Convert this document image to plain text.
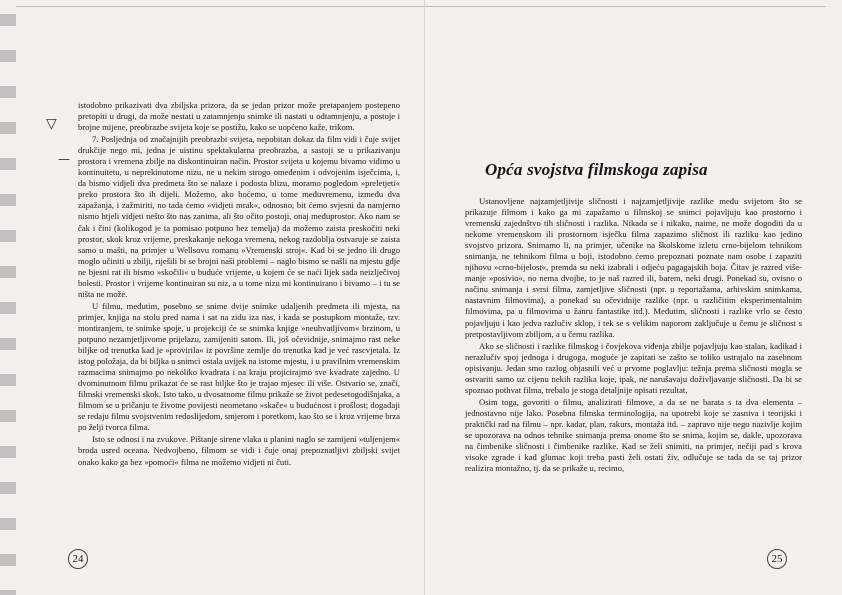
▽
—

istodobno prikazivati dva zbiljska prizora, da se jedan prizor može pretapanjem postepeno pretopiti u drugi, da može nestati u zatamnjenju snimke ili nastati u odtamnjenju, a postoje i brojne mijene, preobrazbe svijeta koje se postižu, kako se uopćeno kaže, trikom.

7. Posljednja od značajnijih preobrazbi svijeta, nepobitan dokaz da film vidi i čuje svijet drukčije nego mi, jedna je uistinu spektakularna preobrazba, a sastoji se u prikazivanju prostora i vremena zbilje na diskontinuiran način. Prostor svijeta u kojemu bivamo vidimo u kontinuitetu, u neprekinutome nizu, ne u nekim strogo omeđenim i odvojenim isječcima, i, da bismo vidjeli dva predmeta što se nalaze i podosta blizu, moramo pogledom »preletjeti« preko prostora što ih dijeli. Možemo, ako hoćemo, u tome međuvremenu, između dva zapažanja, i zažmiriti, no tada ćemo »vidjeti mrak«, odnosno, bit ćemo svjesni da namjerno nismo htjeli vidjeti nešto što nas zanima, ali što očito postoji, onaj međuprostor. Ako nam se čak i čini (kolikogod je ta pomisao potpuno bez temelja) da možemo zaista preskočiti neki prostor, skok kroz vrijeme, preskakanje nekoga vremena, nekog razdoblja ostvaruje se zaista samo u mašti, na primjer u Wellsovu romanu »Vremenski stroj«. Kad bi se jedno ili drugo moglo učiniti u zbilji, riješili bi se brojni naši problemi – naglo bismo se našli na mjestu gdje ne bjesni rat ili bismo »skočili« u buduće vrijeme, u kojem će se naći lijek sada neizlječivoj bolesti. Prostor i vrijeme kontinuiran su niz, a u tome nizu mi kontinuirano i bivamo – i tu se ništa ne može.

U filmu, međutim, posebno se snime dvije snimke udaljenih predmeta ili mjesta, na primjer, knjiga na stolu pred nama i sat na zidu iza nas, i kada se postupkom montaže, tzv. montiranjem, te snimke spoje, u projekciji će se snimka knjige »neuhvatljivom« brzinom, u potpuno nezamjetljivome prijelazu, zamijeniti satom. Ili, još očevidnije, snimajmo rast neke biljke od trenutka kad je »provirila« iz površine zemlje do trenutka kad je već rascvjetala. Iz istog položaja, da bi biljka u snimci ostala uvijek na istome mjestu, i u pravilnim vremenskim razmacima snimajmo po nekoliko kvadrata i na kraju projicirajmo sve kvadrate zajedno. U dvominutnom filmu prikazat će se rast biljke što je trajao mjesec ili više. Ostvario se, znači, filmski vremenski skok. Isto tako, u dvosatnome filmu prikaže se život pedesetogodišnjaka, a filmom se u pričanju te životne povijesti neometano »skače« u budućnost i prošlost; događaji se redaju filmu svojstvenim redoslijedom, smjerom i poretkom, kao što se i kroz vrijeme brza po želji tvorca filma.

Isto se odnosi i na zvukove. Pištanje sirene vlaka u planini naglo se zamijeni »tuljenjem« broda usred oceana. Nedvojbeno, filmom se vidi i čuje onaj prepoznatljivi zbiljski svijet onako kako ga bez »pomoći« filma ne možemo vidjeti ni čuti.

24
Opća svojstva filmskoga zapisa

Ustanovljene najzamjetljivije sličnosti i najzamjetljivije razlike među svijetom što se prikazuje filmom i kako ga mi zapažamo u filmskoj se snimci pojavljuju kao prostorno i vremenski zajednštvo tih sličnosti i razlika. Nikada se i nikako, naime, ne može dogoditi da u nekome vremenskom ili prostornom isječku filma zapazimo sličnost ili razliku kao jedino svojstvo prizora. Snimamo li, na primjer, učenike na školskome izletu crno-bijelom tehnikom snimanja, ne tehnikom filma u boji, istodobno ćemo prepoznati poznate nam osobe i zapaziti njihovu »crno-bijelost«, premda su neki izabrali i odjeću pagagajskih boja. Čitav je razred više-manje »posivio«, no nema dvojbe, to je naš razred ili, barem, neki drugi. Ponekad su, ovisno o načinu snimanja i svrsi filma, zamjetljive sličnosti (npr. u reportažama, arhivskim snimkama, nastavnim filmovima), a ponekad su očevidnije razlike (npr. u različitim eksperimentalnim filmovima, pa u filmovima u žanru fantastike itd.). Međutim, sličnosti i razlike vrlo se često pojavljuju i kao jedva razlučiv sklop, i tek se s velikim naporom zaključuje u čemu je sličnost s pretpostavljivom zbiljom, a u čemu razlika.

Ako se sličnosti i razlike filmskog i čovjekova viđenja zbilje pojavljuju kao stalan, kadikad i nerazlučiv spoj jednoga i drugoga, moguće je zapitati se zašto se toliko ustrajalo na zasebnom opisivanju. Jedan smo razlog objasnili već u prvome poglavlju: težnja prema sličnosti mogla se ostvariti samo uz cijenu nekih razlika koje, ipak, ne narušavaju doživljavanje sličnosti. Da bi se spoznao pothvat filma, trebalo je stoga detaljnije opisati rezultat.

Osim toga, govoriti o filmu, analizirati filmove, a da se ne barata s ta dva elementa – jednostavno nije lako. Posebna filmska terminologija, na upotrebi koje se zasniva i teorijski i praktički rad na filmu – npr. kadar, plan, rakurs, montaža itd. – zapravo nije nego nazivlje kojim se upozorava na odnos tehnike snimanja prema onome što se snima, kojim se, dakle, upozorava na čimbenike sličnosti i čimbenike razlike. Kad se želi snimiti, na primjer, nečiji pad s krova visoke zgrade i kad glumac koji treba pasti želi ostati živ, odlučuje se tada da se taj prizor realizira montažno, tj. da se prikaže u, recimo,

25
